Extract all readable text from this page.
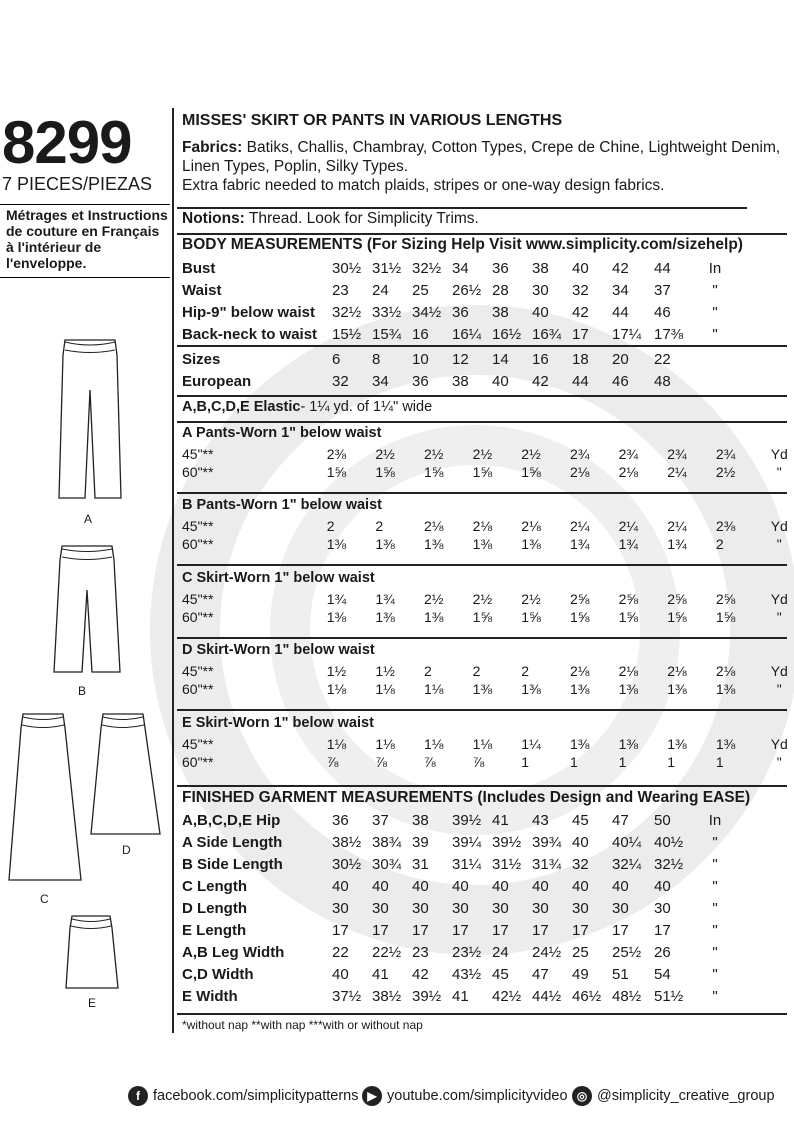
8299
7 PIECES/PIEZAS
Métrages et Instructions
de couture en Français
à l'intérieur de
l'enveloppe.
A
B
C
D
E
MISSES' SKIRT OR PANTS IN VARIOUS LENGTHS
Fabrics: Batiks, Challis, Chambray, Cotton Types, Crepe de Chine, Lightweight Denim, Linen Types, Poplin, Silky Types.
Extra fabric needed to match plaids, stripes or one-way design fabrics.
Notions: Thread. Look for Simplicity Trims.
BODY MEASUREMENTS (For Sizing Help Visit www.simplicity.com/sizehelp)
Bust	30½	31½	32½	34	36	38	40	42	44	In
Waist	23	24	25	26½	28	30	32	34	37	"
Hip-9" below waist	32½	33½	34½	36	38	40	42	44	46	"
Back-neck to waist	15½	15¾	16	16¼	16½	16¾	17	17¼	17⅜	"
Sizes	6	8	10	12	14	16	18	20	22	
European	32	34	36	38	40	42	44	46	48	
A,B,C,D,E Elastic- 1¼ yd. of 1¼" wide
A Pants-Worn 1" below waist
45"**	2⅜	2½	2½	2½	2½	2¾	2¾	2¾	2¾	Yd
60"**	1⅝	1⅝	1⅝	1⅝	1⅝	2⅛	2⅛	2¼	2½	"
B Pants-Worn 1" below waist
45"**	2	2	2⅛	2⅛	2⅛	2¼	2¼	2¼	2⅜	Yd
60"**	1⅜	1⅜	1⅜	1⅜	1⅜	1¾	1¾	1¾	2	"
C Skirt-Worn 1" below waist
45"**	1¾	1¾	2½	2½	2½	2⅝	2⅝	2⅝	2⅝	Yd
60"**	1⅜	1⅜	1⅜	1⅝	1⅝	1⅝	1⅝	1⅝	1⅝	"
D Skirt-Worn 1" below waist
45"**	1½	1½	2	2	2	2⅛	2⅛	2⅛	2⅛	Yd
60"**	1⅛	1⅛	1⅛	1⅜	1⅜	1⅜	1⅜	1⅜	1⅜	"
E Skirt-Worn 1" below waist
45"**	1⅛	1⅛	1⅛	1⅛	1¼	1⅜	1⅜	1⅜	1⅜	Yd
60"**	⅞	⅞	⅞	⅞	1	1	1	1	1	"
FINISHED GARMENT MEASUREMENTS (Includes Design and Wearing EASE)
A,B,C,D,E Hip	36	37	38	39½	41	43	45	47	50	In
A Side Length	38½	38¾	39	39¼	39½	39¾	40	40¼	40½	"
B Side Length	30½	30¾	31	31¼	31½	31¾	32	32¼	32½	"
C Length	40	40	40	40	40	40	40	40	40	"
D Length	30	30	30	30	30	30	30	30	30	"
E Length	17	17	17	17	17	17	17	17	17	"
A,B Leg Width	22	22½	23	23½	24	24½	25	25½	26	"
C,D Width	40	41	42	43½	45	47	49	51	54	"
E Width	37½	38½	39½	41	42½	44½	46½	48½	51½	"
*without nap **with nap ***with or without nap
f facebook.com/simplicitypatterns ▶ youtube.com/simplicityvideo ◎ @simplicity_creative_group
